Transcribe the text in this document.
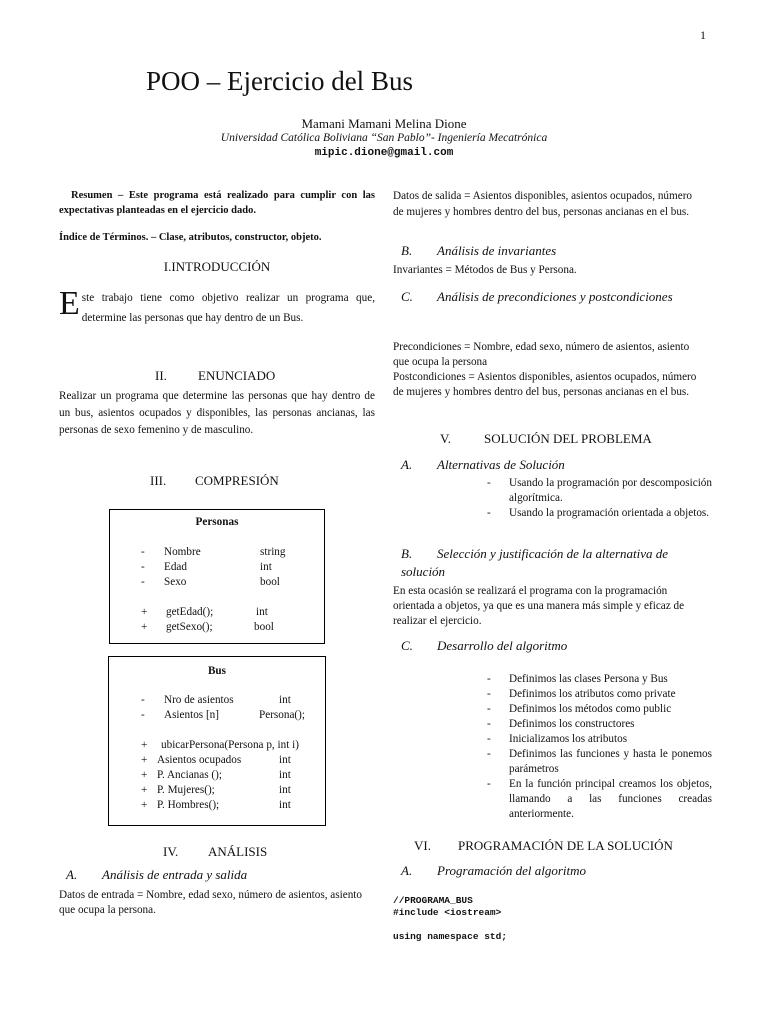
1
POO – Ejercicio del Bus
Mamani Mamani Melina Dione
Universidad Católica Boliviana “San Pablo”- Ingeniería Mecatrónica
mipic.dione@gmail.com
Resumen – Este programa está realizado para cumplir con las expectativas planteadas en el ejercicio dado.
Índice de Términos. – Clase, atributos, constructor, objeto.
I.INTRODUCCIÓN
E ste trabajo tiene como objetivo realizar un programa que, determine las personas que hay dentro de un Bus.
II. ENUNCIADO
Realizar un programa que determine las personas que hay dentro de un bus, asientos ocupados y disponibles, las personas ancianas, las personas de sexo femenino y de masculino.
III. COMPRESIÓN
Personas
- Nombre	string
- Edad	int
- Sexo	bool
+ getEdad();	int
+ getSexo();	bool
Bus
- Nro de asientos	int
- Asientos [n]	Persona();
+ ubicarPersona(Persona p, int i)
+ Asientos ocupados	int
+ P. Ancianas ();	int
+ P. Mujeres();	int
+ P. Hombres();	int
IV. ANÁLISIS
A. Análisis de entrada y salida
Datos de entrada = Nombre, edad sexo, número de asientos, asiento que ocupa la persona.
Datos de salida = Asientos disponibles, asientos ocupados, número de mujeres y hombres dentro del bus, personas ancianas en el bus.
B. Análisis de invariantes
Invariantes = Métodos de Bus y Persona.
C. Análisis de precondiciones y postcondiciones
Precondiciones = Nombre, edad sexo, número de asientos, asiento que ocupa la persona
Postcondiciones = Asientos disponibles, asientos ocupados, número de mujeres y hombres dentro del bus, personas ancianas en el bus.
V.	SOLUCIÓN DEL PROBLEMA
A. Alternativas de Solución
- Usando la programación por descomposición algorítmica.
- Usando la programación orientada a objetos.
B. Selección y justificación de la alternativa de solución
En esta ocasión se realizará el programa con la programación orientada a objetos, ya que es una manera más simple y eficaz de realizar el ejercicio.
C. Desarrollo del algoritmo
- Definimos las clases Persona y Bus
- Definimos los atributos como private
- Definimos los métodos como public
- Definimos los constructores
- Inicializamos los atributos
- Definimos las funciones y hasta le ponemos parámetros
- En la función principal creamos los objetos, llamando a las funciones creadas anteriormente.
VI. PROGRAMACIÓN DE LA SOLUCIÓN
A. Programación del algoritmo
//PROGRAMA_BUS
#include <iostream>
using namespace std;
